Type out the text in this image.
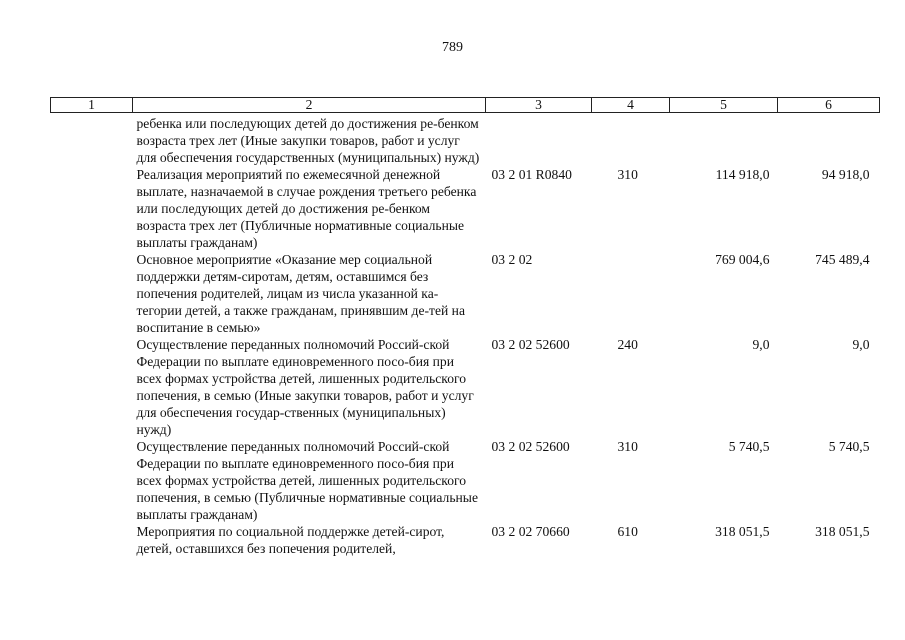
789
1	2	3	4	5	6
	ребенка или последующих детей до достижения ре-бенком возраста трех лет (Иные закупки товаров, работ и услуг для обеспечения государственных (муниципальных) нужд)				
	Реализация мероприятий по ежемесячной денежной выплате, назначаемой в случае рождения третьего ребенка или последующих детей до достижения ре-бенком возраста трех лет (Публичные нормативные социальные выплаты гражданам)	03 2 01 R0840	310	114 918,0	94 918,0
	Основное мероприятие «Оказание мер социальной поддержки детям-сиротам, детям, оставшимся без попечения родителей, лицам из числа указанной ка-тегории детей, а также гражданам, принявшим де-тей на воспитание в семью»	03 2 02		769 004,6	745 489,4
	Осуществление переданных полномочий Россий-ской Федерации по выплате единовременного посо-бия при всех формах устройства детей, лишенных родительского попечения, в семью (Иные закупки товаров, работ и услуг для обеспечения государ-ственных (муниципальных) нужд)	03 2 02 52600	240	9,0	9,0
	Осуществление переданных полномочий Россий-ской Федерации по выплате единовременного посо-бия при всех формах устройства детей, лишенных родительского попечения, в семью (Публичные нормативные социальные выплаты гражданам)	03 2 02 52600	310	5 740,5	5 740,5
	Мероприятия по социальной поддержке детей-сирот, детей, оставшихся без попечения родителей,	03 2 02 70660	610	318 051,5	318 051,5
